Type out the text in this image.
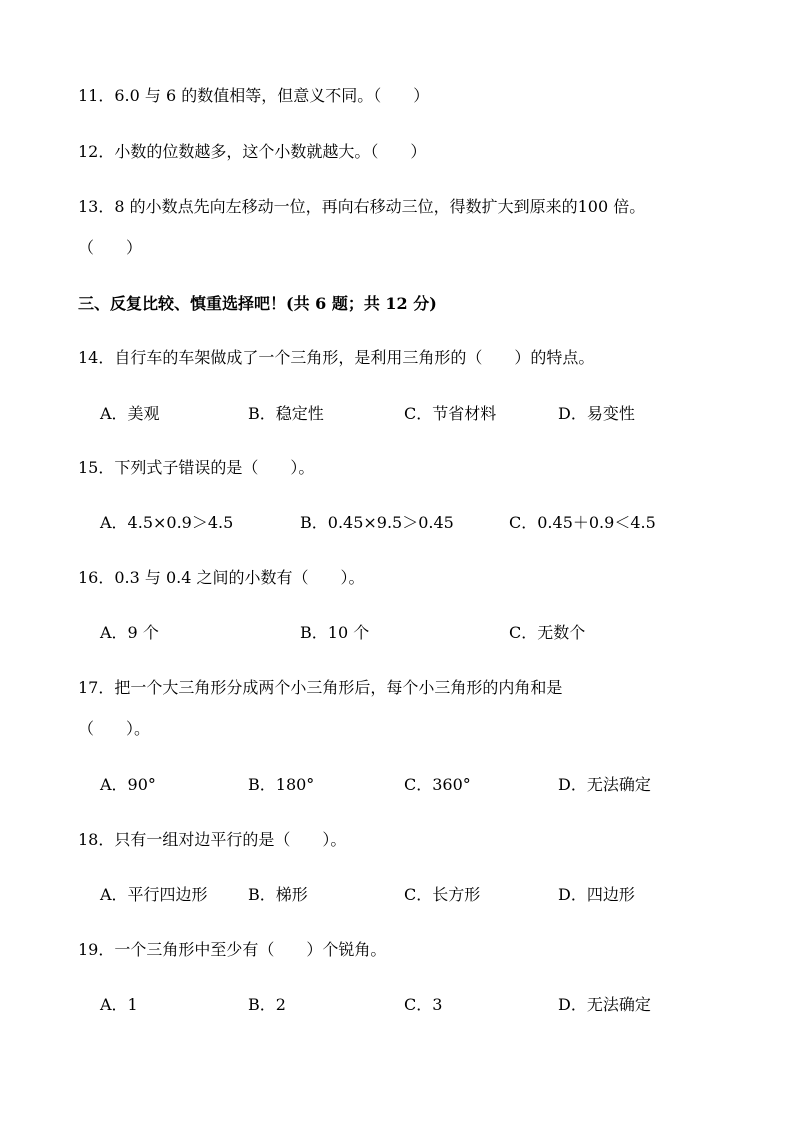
11．6.0 与 6 的数值相等，但意义不同。（　　）
12．小数的位数越多，这个小数就越大。（　　）
13．8 的小数点先向左移动一位，再向右移动三位，得数扩大到原来的100 倍。
（　　）
三、反复比较、慎重选择吧！(共 6 题；共 12 分)
14．自行车的车架做成了一个三角形，是利用三角形的（　　）的特点。
A．美观	B．稳定性	C．节省材料	D．易变性
15．下列式子错误的是（　　）。
A．4.5×0.9＞4.5	B．0.45×9.5＞0.45	C．0.45＋0.9＜4.5
16．0.3 与 0.4 之间的小数有（　　）。
A．9 个	B．10 个	C．无数个
17．把一个大三角形分成两个小三角形后，每个小三角形的内角和是
（　　）。
A．90°	B．180°	C．360°	D．无法确定
18．只有一组对边平行的是（　　）。
A．平行四边形	B．梯形	C．长方形	D．四边形
19．一个三角形中至少有（　　）个锐角。
A．1	B．2	C．3	D．无法确定
